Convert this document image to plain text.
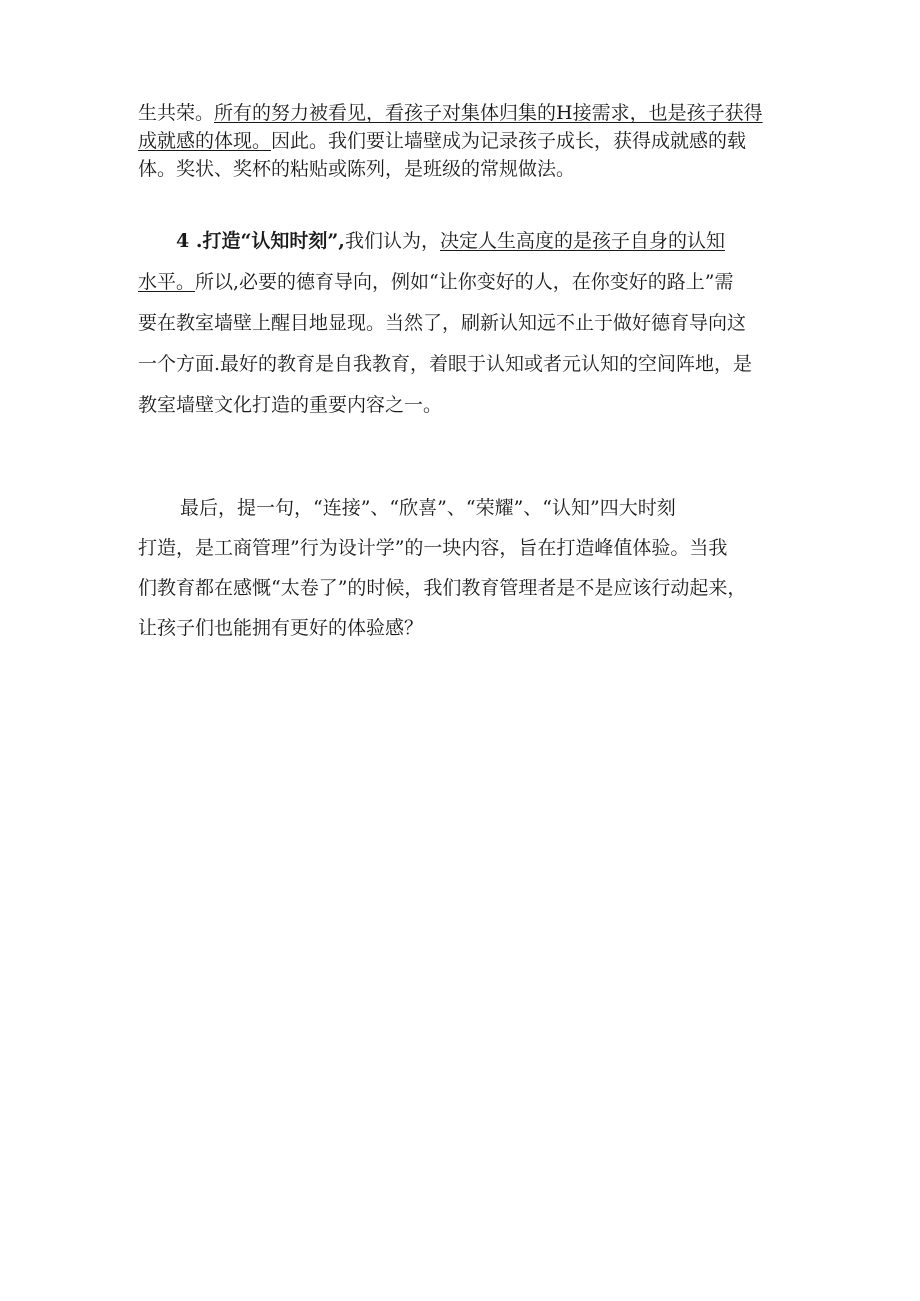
生共荣。所有的努力被看见，看孩子对集体归集的H接需求，也是孩子获得
成就感的体现。因此。我们要让墙壁成为记录孩子成长，获得成就感的载
体。奖状、奖杯的粘贴或陈列，是班级的常规做法。

4 .打造“认知时刻”,我们认为，决定人生高度的是孩子自身的认知
水平。所以,必要的德育导向，例如“让你变好的人，在你变好的路上”需
要在教室墙壁上醒目地显现。当然了，刷新认知远不止于做好德育导向这
一个方面.最好的教育是自我教育，着眼于认知或者元认知的空间阵地，是
教室墙壁文化打造的重要内容之一。

最后，提一句，“连接”、“欣喜”、“荣耀”、“认知”四大时刻
打造，是工商管理”行为设计学”的一块内容，旨在打造峰值体验。当我
们教育都在感慨“太卷了”的时候，我们教育管理者是不是应该行动起来，
让孩子们也能拥有更好的体验感？
